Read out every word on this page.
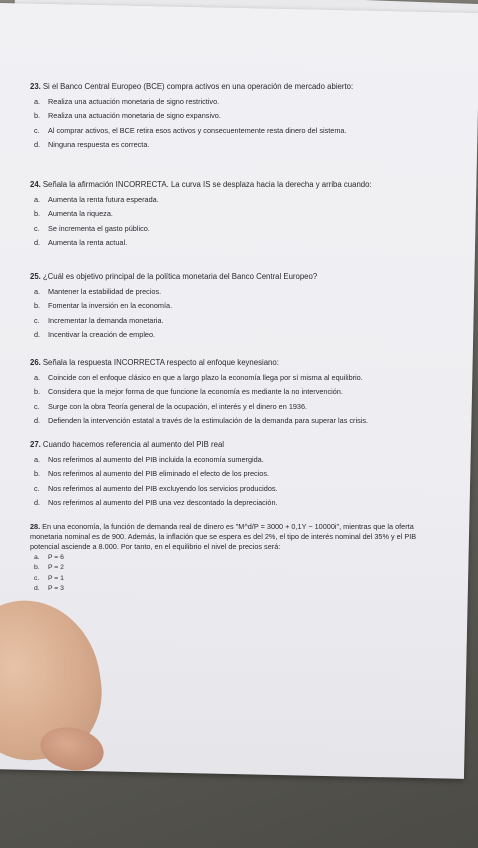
23. Si el Banco Central Europeo (BCE) compra activos en una operación de mercado abierto:
a.	Realiza una actuación monetaria de signo restrictivo.
b.	Realiza una actuación monetaria de signo expansivo.
c.	Al comprar activos, el BCE retira esos activos y consecuentemente resta dinero del sistema.
d.	Ninguna respuesta es correcta.
24. Señala la afirmación INCORRECTA. La curva IS se desplaza hacia la derecha y arriba cuando:
a.	Aumenta la renta futura esperada.
b.	Aumenta la riqueza.
c.	Se incrementa el gasto público.
d.	Aumenta la renta actual.
25. ¿Cuál es objetivo principal de la política monetaria del Banco Central Europeo?
a.	Mantener la estabilidad de precios.
b.	Fomentar la inversión en la economía.
c.	Incrementar la demanda monetaria.
d.	Incentivar la creación de empleo.
26. Señala la respuesta INCORRECTA respecto al enfoque keynesiano:
a.	Coincide con el enfoque clásico en que a largo plazo la economía llega por sí misma al equilibrio.
b.	Considera que la mejor forma de que funcione la economía es mediante la no intervención.
c.	Surge con la obra Teoría general de la ocupación, el interés y el dinero en 1936.
d.	Defienden la intervención estatal a través de la estimulación de la demanda para superar las crisis.
27. Cuando hacemos referencia al aumento del PIB real
a.	Nos referimos al aumento del PIB incluida la economía sumergida.
b.	Nos referimos al aumento del PIB eliminado el efecto de los precios.
c.	Nos referimos al aumento del PIB excluyendo los servicios producidos.
d.	Nos referimos al aumento del PIB una vez descontado la depreciación.
28. En una economía, la función de demanda real de dinero es "M^d/P = 3000 + 0,1Y − 10000i", mientras que la oferta monetaria nominal es de 900. Además, la inflación que se espera es del 2%, el tipo de interés nominal del 35% y el PIB potencial asciende a 8.000. Por tanto, en el equilibrio el nivel de precios será:
a.	P = 6
b.	P = 2
c.	P = 1
d.	P = 3
